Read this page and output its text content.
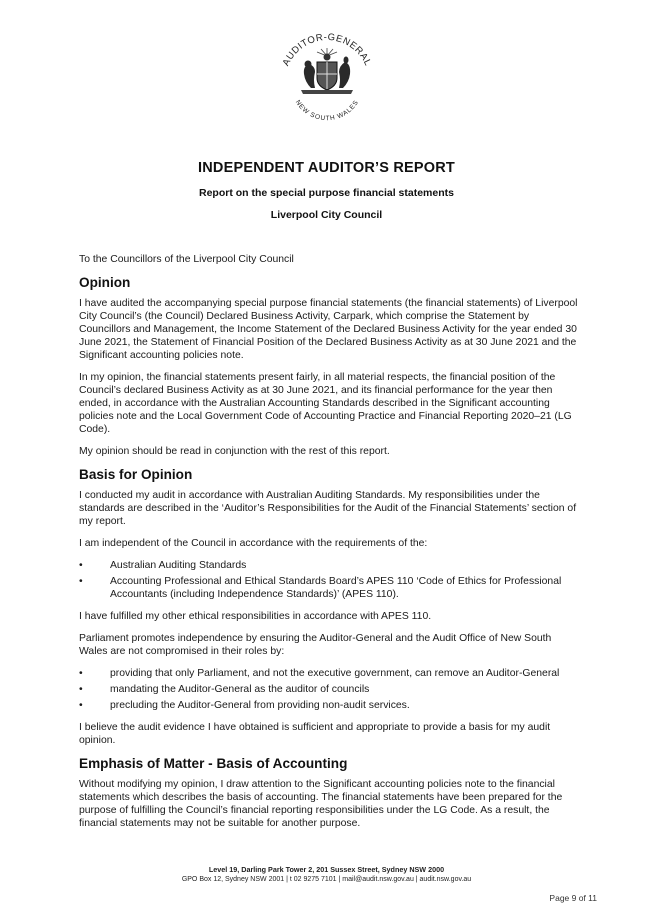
AUDITOR-GENERAL
NEW SOUTH WALES
INDEPENDENT AUDITOR’S REPORT
Report on the special purpose financial statements
Liverpool City Council

To the Councillors of the Liverpool City Council

Opinion

I have audited the accompanying special purpose financial statements (the financial statements) of Liverpool City Council’s (the Council) Declared Business Activity, Carpark, which comprise the Statement by Councillors and Management, the Income Statement of the Declared Business Activity for the year ended 30 June 2021, the Statement of Financial Position of the Declared Business Activity as at 30 June 2021 and the Significant accounting policies note.

In my opinion, the financial statements present fairly, in all material respects, the financial position of the Council’s declared Business Activity as at 30 June 2021, and its financial performance for the year then ended, in accordance with the Australian Accounting Standards described in the Significant accounting policies note and the Local Government Code of Accounting Practice and Financial Reporting 2020–21 (LG Code).

My opinion should be read in conjunction with the rest of this report.

Basis for Opinion

I conducted my audit in accordance with Australian Auditing Standards. My responsibilities under the standards are described in the ‘Auditor’s Responsibilities for the Audit of the Financial Statements’ section of my report.

I am independent of the Council in accordance with the requirements of the:

•	Australian Auditing Standards
•	Accounting Professional and Ethical Standards Board’s APES 110 ‘Code of Ethics for Professional Accountants (including Independence Standards)’ (APES 110).

I have fulfilled my other ethical responsibilities in accordance with APES 110.

Parliament promotes independence by ensuring the Auditor-General and the Audit Office of New South Wales are not compromised in their roles by:

•	providing that only Parliament, and not the executive government, can remove an Auditor-General
•	mandating the Auditor-General as the auditor of councils
•	precluding the Auditor-General from providing non-audit services.

I believe the audit evidence I have obtained is sufficient and appropriate to provide a basis for my audit opinion.

Emphasis of Matter - Basis of Accounting

Without modifying my opinion, I draw attention to the Significant accounting policies note to the financial statements which describes the basis of accounting. The financial statements have been prepared for the purpose of fulfilling the Council’s financial reporting responsibilities under the LG Code. As a result, the financial statements may not be suitable for another purpose.

Level 19, Darling Park Tower 2, 201 Sussex Street, Sydney NSW 2000
GPO Box 12, Sydney NSW 2001 | t 02 9275 7101 | mail@audit.nsw.gov.au | audit.nsw.gov.au
Page 9 of 11
